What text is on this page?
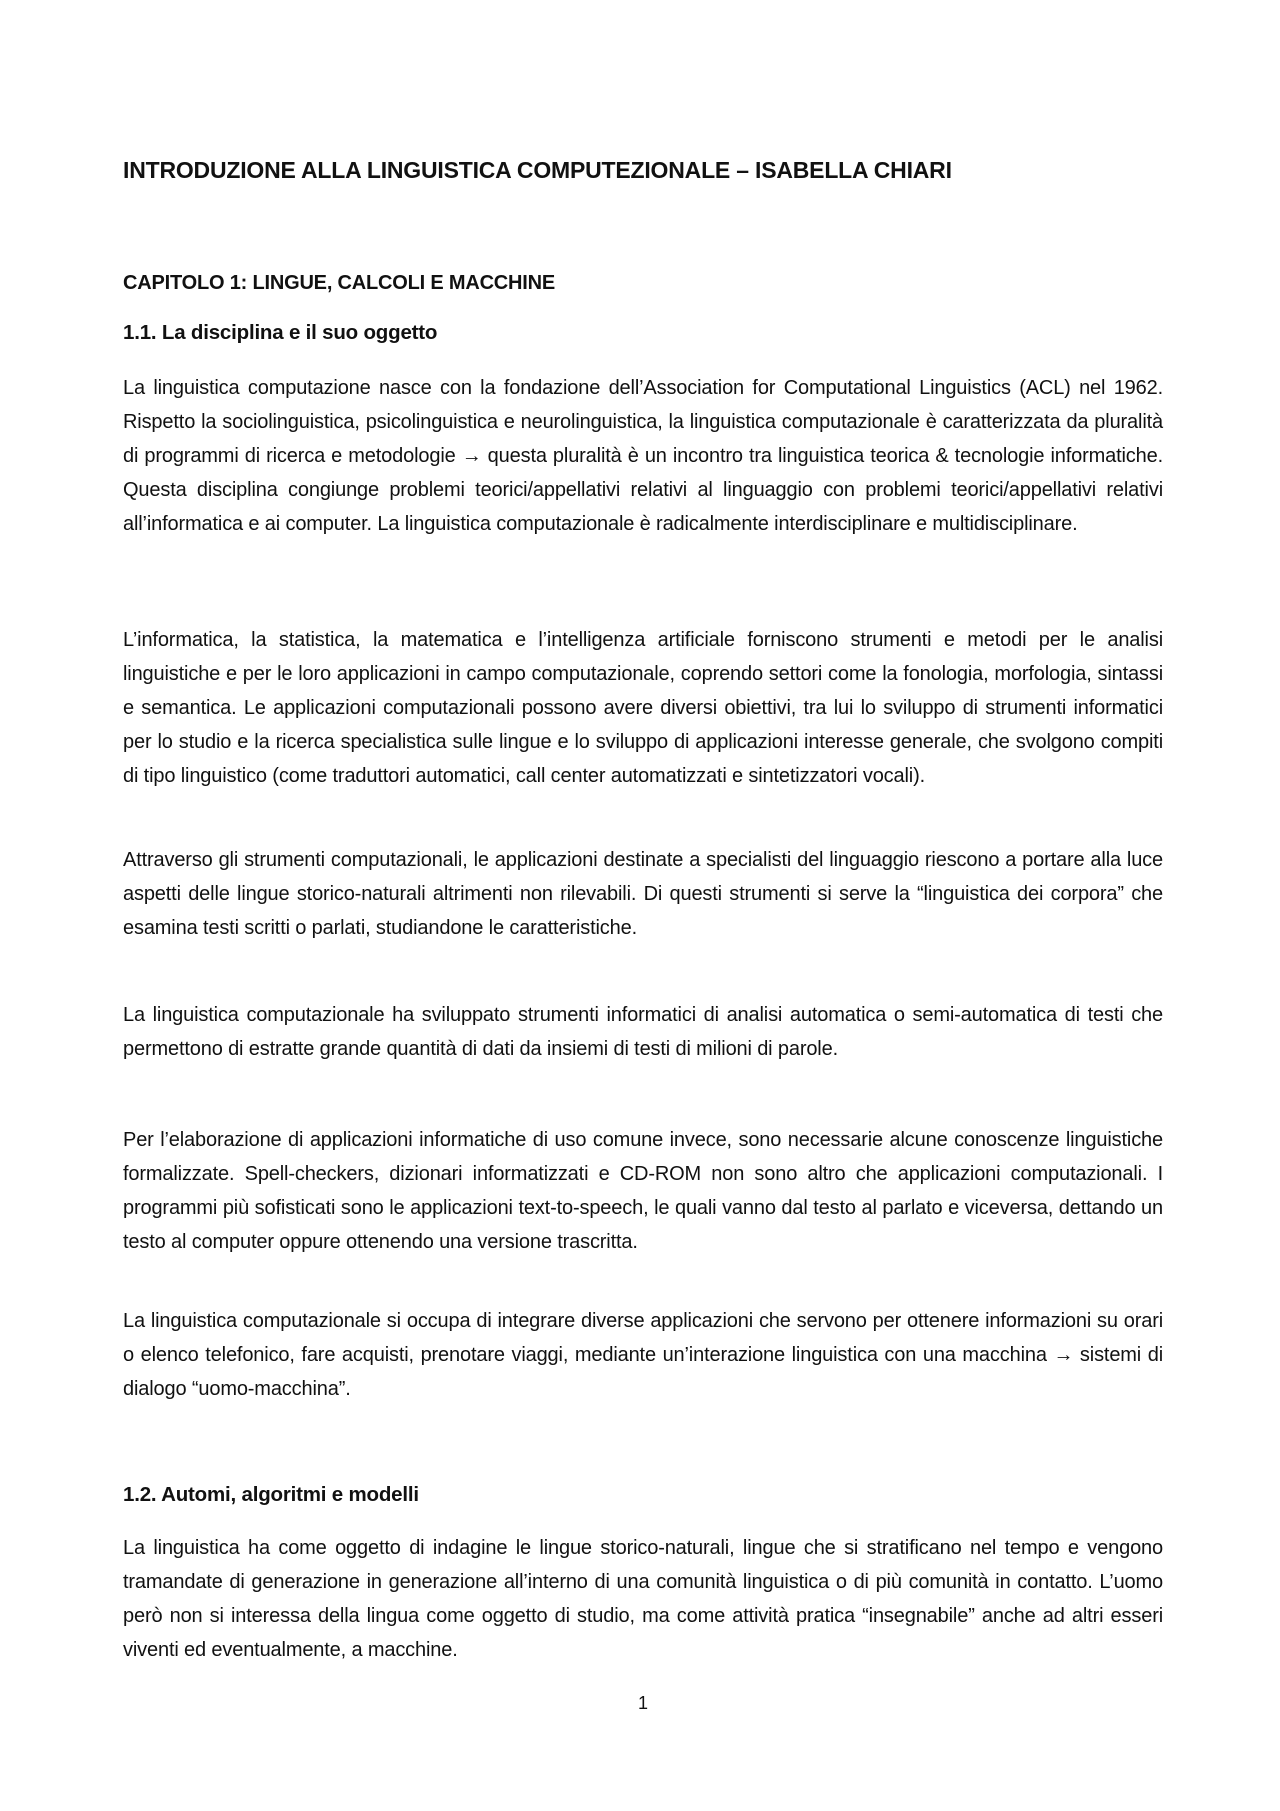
INTRODUZIONE ALLA LINGUISTICA COMPUTEZIONALE – ISABELLA CHIARI
CAPITOLO 1: LINGUE, CALCOLI E MACCHINE
1.1. La disciplina e il suo oggetto

La linguistica computazione nasce con la fondazione dell’Association for Computational Linguistics (ACL) nel 1962. Rispetto la sociolinguistica, psicolinguistica e neurolinguistica, la linguistica computazionale è caratterizzata da pluralità di programmi di ricerca e metodologie → questa pluralità è un incontro tra linguistica teorica & tecnologie informatiche. Questa disciplina congiunge problemi teorici/appellativi relativi al linguaggio con problemi teorici/appellativi relativi all’informatica e ai computer. La linguistica computazionale è radicalmente interdisciplinare e multidisciplinare.

L’informatica, la statistica, la matematica e l’intelligenza artificiale forniscono strumenti e metodi per le analisi linguistiche e per le loro applicazioni in campo computazionale, coprendo settori come la fonologia, morfologia, sintassi e semantica. Le applicazioni computazionali possono avere diversi obiettivi, tra lui lo sviluppo di strumenti informatici per lo studio e la ricerca specialistica sulle lingue e lo sviluppo di applicazioni interesse generale, che svolgono compiti di tipo linguistico (come traduttori automatici, call center automatizzati e sintetizzatori vocali).

Attraverso gli strumenti computazionali, le applicazioni destinate a specialisti del linguaggio riescono a portare alla luce aspetti delle lingue storico-naturali altrimenti non rilevabili. Di questi strumenti si serve la “linguistica dei corpora” che esamina testi scritti o parlati, studiandone le caratteristiche.

La linguistica computazionale ha sviluppato strumenti informatici di analisi automatica o semi-automatica di testi che permettono di estratte grande quantità di dati da insiemi di testi di milioni di parole.

Per l’elaborazione di applicazioni informatiche di uso comune invece, sono necessarie alcune conoscenze linguistiche formalizzate. Spell-checkers, dizionari informatizzati e CD-ROM non sono altro che applicazioni computazionali. I programmi più sofisticati sono le applicazioni text-to-speech, le quali vanno dal testo al parlato e viceversa, dettando un testo al computer oppure ottenendo una versione trascritta.

La linguistica computazionale si occupa di integrare diverse applicazioni che servono per ottenere informazioni su orari o elenco telefonico, fare acquisti, prenotare viaggi, mediante un’interazione linguistica con una macchina → sistemi di dialogo “uomo-macchina”.

1.2. Automi, algoritmi e modelli

La linguistica ha come oggetto di indagine le lingue storico-naturali, lingue che si stratificano nel tempo e vengono tramandate di generazione in generazione all’interno di una comunità linguistica o di più comunità in contatto. L’uomo però non si interessa della lingua come oggetto di studio, ma come attività pratica “insegnabile” anche ad altri esseri viventi ed eventualmente, a macchine.

1
